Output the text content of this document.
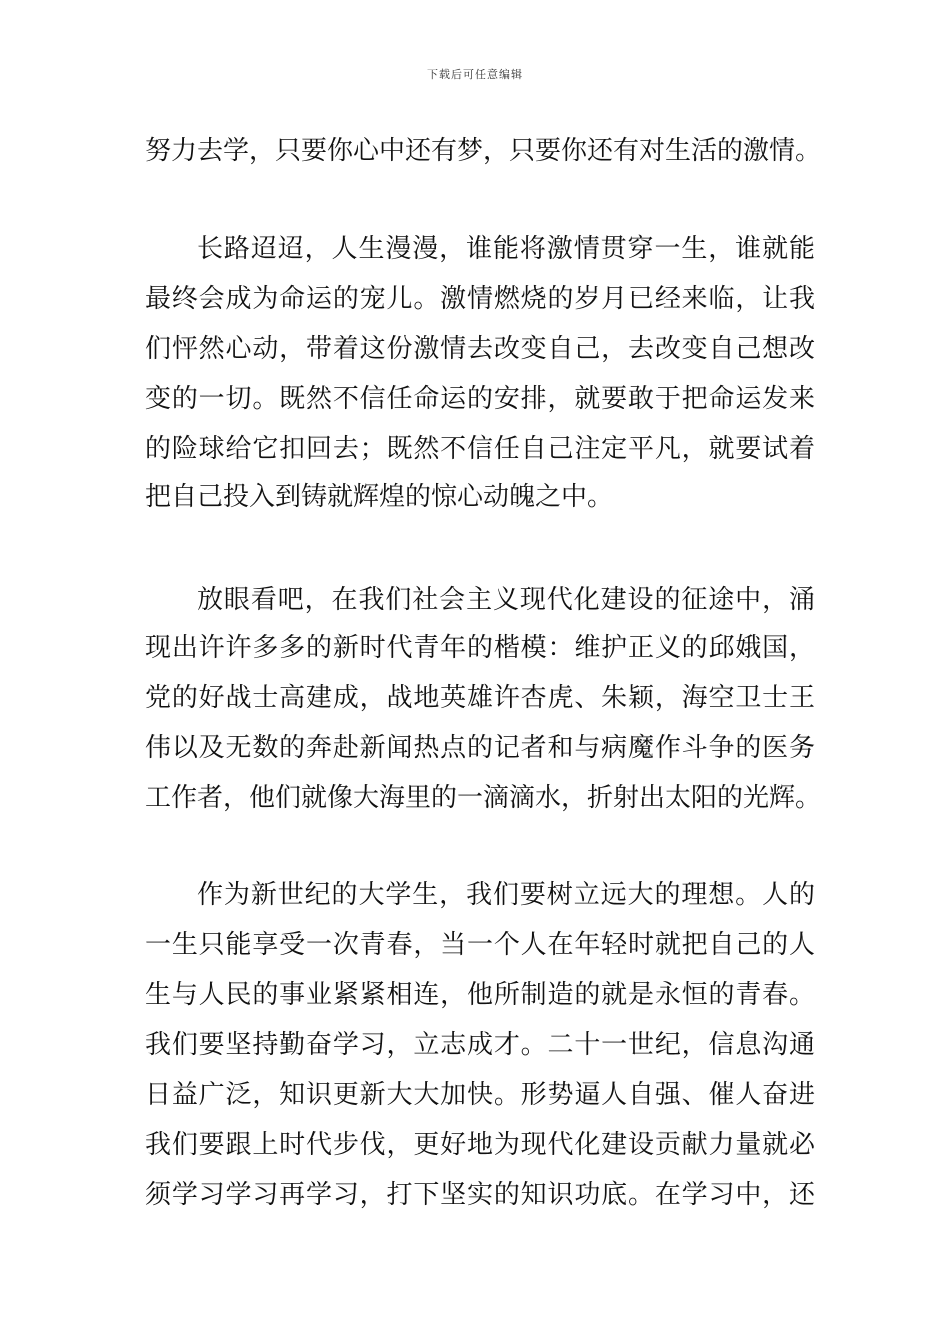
下载后可任意编辑
努力去学，只要你心中还有梦，只要你还有对生活的激情。
长路迢迢，人生漫漫，谁能将激情贯穿一生，谁就能
最终会成为命运的宠儿。激情燃烧的岁月已经来临，让我
们怦然心动，带着这份激情去改变自己，去改变自己想改
变的一切。既然不信任命运的安排，就要敢于把命运发来
的险球给它扣回去；既然不信任自己注定平凡，就要试着
把自己投入到铸就辉煌的惊心动魄之中。
放眼看吧，在我们社会主义现代化建设的征途中，涌
现出许许多多的新时代青年的楷模：维护正义的邱娥国，
党的好战士高建成，战地英雄许杏虎、朱颖，海空卫士王
伟以及无数的奔赴新闻热点的记者和与病魔作斗争的医务
工作者，他们就像大海里的一滴滴水，折射出太阳的光辉。
作为新世纪的大学生，我们要树立远大的理想。人的
一生只能享受一次青春，当一个人在年轻时就把自己的人
生与人民的事业紧紧相连，他所制造的就是永恒的青春。
我们要坚持勤奋学习，立志成才。二十一世纪，信息沟通
日益广泛，知识更新大大加快。形势逼人自强、催人奋进
我们要跟上时代步伐，更好地为现代化建设贡献力量就必
须学习学习再学习，打下坚实的知识功底。在学习中，还
